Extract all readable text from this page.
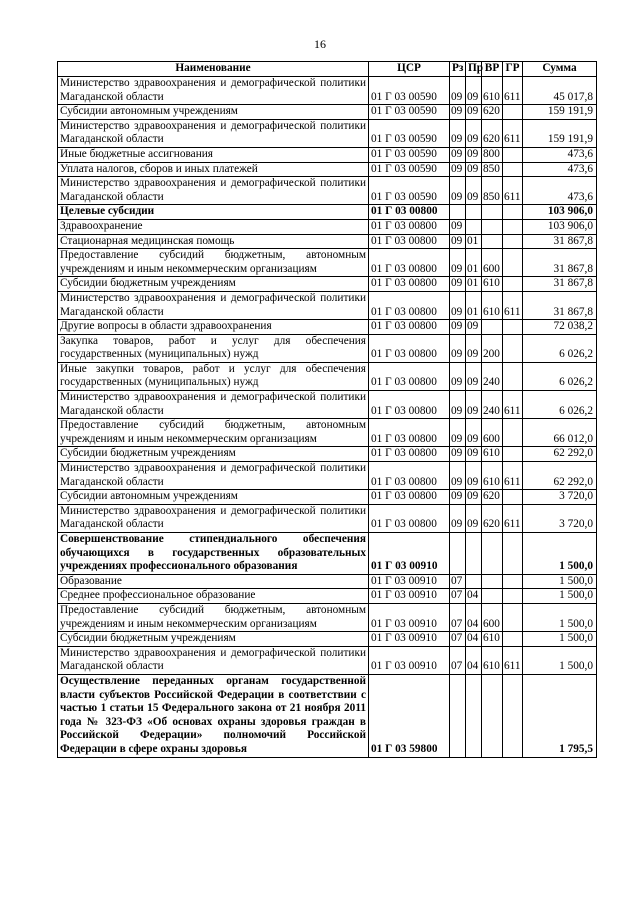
16
Наименование	ЦСР	Рз	Пр	ВР	ГР	Сумма
Министерство здравоохранения и демографической политики Магаданской области	01 Г 03 00590	09	09	610	611	45 017,8
Субсидии автономным учреждениям	01 Г 03 00590	09	09	620		159 191,9
Министерство здравоохранения и демографической политики Магаданской области	01 Г 03 00590	09	09	620	611	159 191,9
Иные бюджетные ассигнования	01 Г 03 00590	09	09	800		473,6
Уплата налогов, сборов и иных платежей	01 Г 03 00590	09	09	850		473,6
Министерство здравоохранения и демографической политики Магаданской области	01 Г 03 00590	09	09	850	611	473,6
Целевые субсидии	01 Г 03 00800					103 906,0
Здравоохранение	01 Г 03 00800	09				103 906,0
Стационарная медицинская помощь	01 Г 03 00800	09	01			31 867,8
Предоставление субсидий бюджетным, автономным учреждениям и иным некоммерческим организациям	01 Г 03 00800	09	01	600		31 867,8
Субсидии бюджетным учреждениям	01 Г 03 00800	09	01	610		31 867,8
Министерство здравоохранения и демографической политики Магаданской области	01 Г 03 00800	09	01	610	611	31 867,8
Другие вопросы в области здравоохранения	01 Г 03 00800	09	09			72 038,2
Закупка товаров, работ и услуг для обеспечения государственных (муниципальных) нужд	01 Г 03 00800	09	09	200		6 026,2
Иные закупки товаров, работ и услуг для обеспечения государственных (муниципальных) нужд	01 Г 03 00800	09	09	240		6 026,2
Министерство здравоохранения и демографической политики Магаданской области	01 Г 03 00800	09	09	240	611	6 026,2
Предоставление субсидий бюджетным, автономным учреждениям и иным некоммерческим организациям	01 Г 03 00800	09	09	600		66 012,0
Субсидии бюджетным учреждениям	01 Г 03 00800	09	09	610		62 292,0
Министерство здравоохранения и демографической политики Магаданской области	01 Г 03 00800	09	09	610	611	62 292,0
Субсидии автономным учреждениям	01 Г 03 00800	09	09	620		3 720,0
Министерство здравоохранения и демографической политики Магаданской области	01 Г 03 00800	09	09	620	611	3 720,0
Совершенствование стипендиального обеспечения обучающихся в государственных образовательных учреждениях профессионального образования	01 Г 03 00910					1 500,0
Образование	01 Г 03 00910	07				1 500,0
Среднее профессиональное образование	01 Г 03 00910	07	04			1 500,0
Предоставление субсидий бюджетным, автономным учреждениям и иным некоммерческим организациям	01 Г 03 00910	07	04	600		1 500,0
Субсидии бюджетным учреждениям	01 Г 03 00910	07	04	610		1 500,0
Министерство здравоохранения и демографической политики Магаданской области	01 Г 03 00910	07	04	610	611	1 500,0
Осуществление переданных органам государственной власти субъектов Российской Федерации в соответствии с частью 1 статьи 15 Федерального закона от 21 ноября 2011 года № 323-ФЗ «Об основах охраны здоровья граждан в Российской Федерации» полномочий Российской Федерации в сфере охраны здоровья	01 Г 03 59800					1 795,5
